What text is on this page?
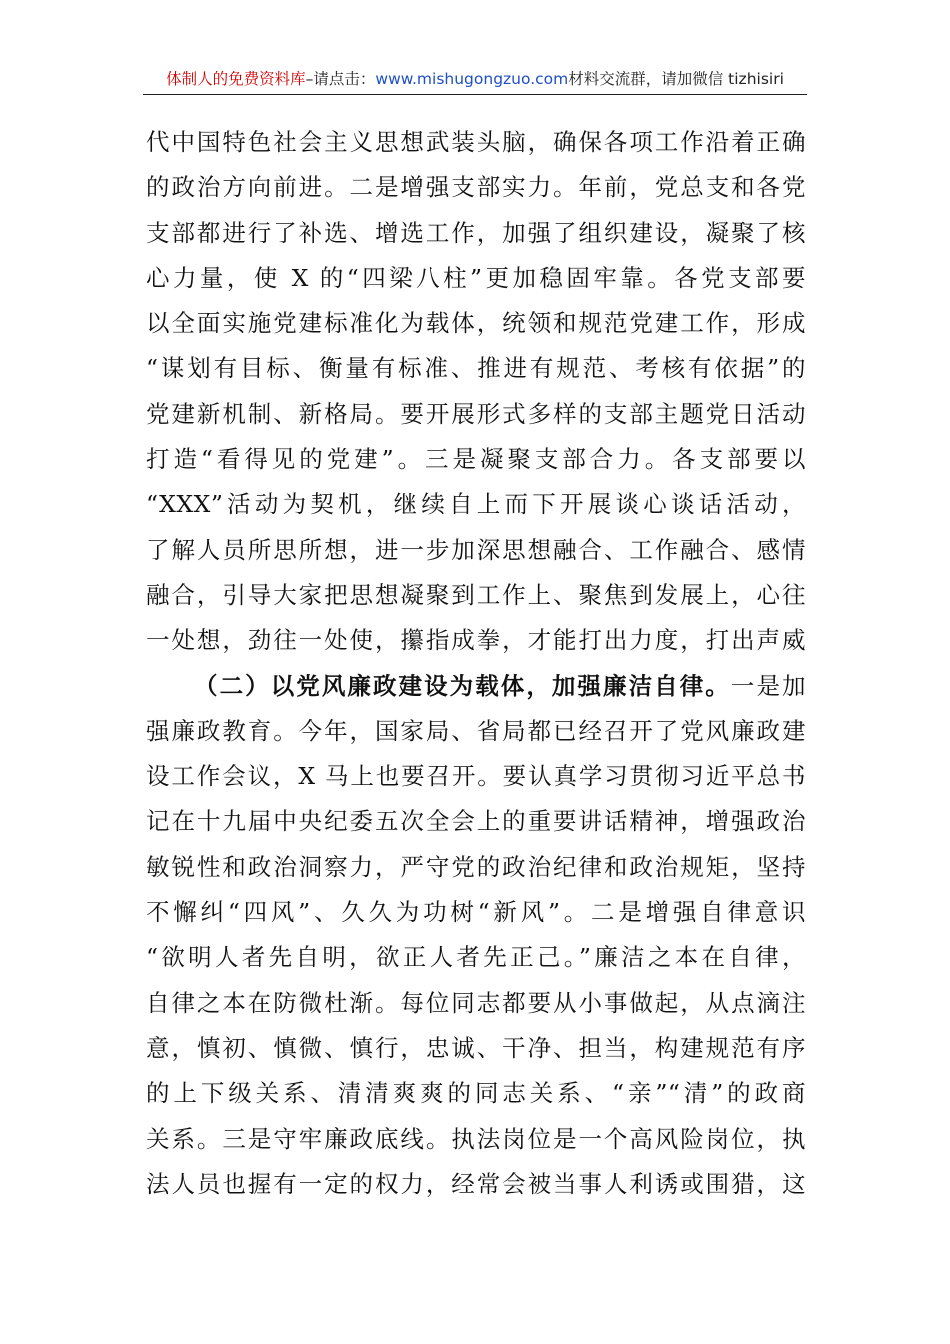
体制人的免费资料库–请点击：www.mishugongzuo.com材料交流群，请加微信 tizhisiri
代中国特色社会主义思想武装头脑，确保各项工作沿着正确
的政治方向前进。二是增强支部实力。年前，党总支和各党
支部都进行了补选、增选工作，加强了组织建设，凝聚了核
心力量，使 X 的“四梁八柱”更加稳固牢靠。各党支部要
以全面实施党建标准化为载体，统领和规范党建工作，形成
“谋划有目标、衡量有标准、推进有规范、考核有依据”的
党建新机制、新格局。要开展形式多样的支部主题党日活动
打造“看得见的党建”。三是凝聚支部合力。各支部要以
“XXX”活动为契机，继续自上而下开展谈心谈话活动，
了解人员所思所想，进一步加深思想融合、工作融合、感情
融合，引导大家把思想凝聚到工作上、聚焦到发展上，心往
一处想，劲往一处使，攥指成拳，才能打出力度，打出声威
（二）以党风廉政建设为载体，加强廉洁自律。一是加
强廉政教育。今年，国家局、省局都已经召开了党风廉政建
设工作会议，X 马上也要召开。要认真学习贯彻习近平总书
记在十九届中央纪委五次全会上的重要讲话精神，增强政治
敏锐性和政治洞察力，严守党的政治纪律和政治规矩，坚持
不懈纠“四风”、久久为功树“新风”。二是增强自律意识
“欲明人者先自明，欲正人者先正己。”廉洁之本在自律，
自律之本在防微杜渐。每位同志都要从小事做起，从点滴注
意，慎初、慎微、慎行，忠诚、干净、担当，构建规范有序
的上下级关系、清清爽爽的同志关系、“亲”“清”的政商
关系。三是守牢廉政底线。执法岗位是一个高风险岗位，执
法人员也握有一定的权力，经常会被当事人利诱或围猎，这
